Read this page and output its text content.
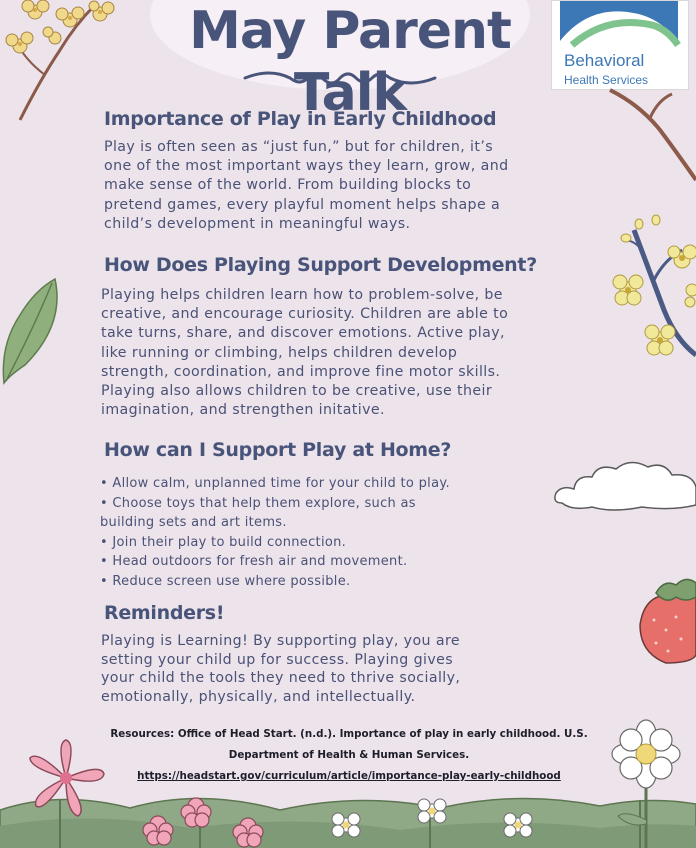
May Parent Talk
Behavioral
Health Services
Importance of Play in Early Childhood
Play is often seen as “just fun,” but for children, it’s
one of the most important ways they learn, grow, and
make sense of the world. From building blocks to
pretend games, every playful moment helps shape a
child’s development in meaningful ways.
How Does Playing Support Development?
Playing helps children learn how to problem-solve, be
creative, and encourage curiosity. Children are able to
take turns, share, and discover emotions. Active play,
like running or climbing, helps children develop
strength, coordination, and improve fine motor skills.
Playing also allows children to be creative, use their
imagination, and strengthen initative.
How can I Support Play at Home?
• Allow calm, unplanned time for your child to play.
• Choose toys that help them explore, such as
building sets and art items.
• Join their play to build connection.
• Head outdoors for fresh air and movement.
• Reduce screen use where possible.
Reminders!
Playing is Learning! By supporting play, you are
setting your child up for success. Playing gives
your child the tools they need to thrive socially,
emotionally, physically, and intellectually.
Resources: Office of Head Start. (n.d.). Importance of play in early childhood. U.S.
Department of Health & Human Services.
https://headstart.gov/curriculum/article/importance-play-early-childhood
